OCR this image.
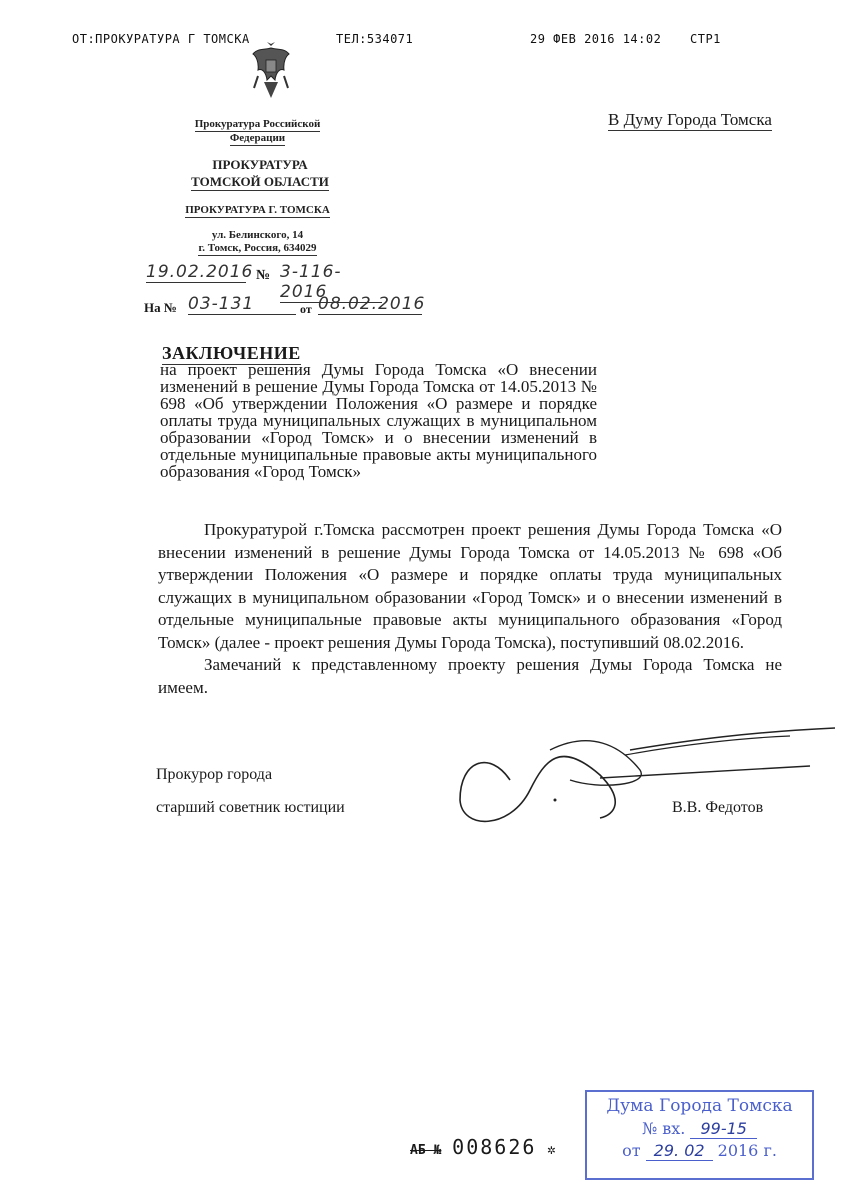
ОТ:ПРОКУРАТУРА Г ТОМСКА	ТЕЛ:534071	29 ФЕВ 2016 14:02 СТР1
Прокуратура Российской
Федерации
ПРОКУРАТУРА
ТОМСКОЙ ОБЛАСТИ
ПРОКУРАТУРА Г. ТОМСКА
ул. Белинского, 14
г. Томск, Россия, 634029
19.02.2016 № 3-116-2016
На № 03-131	от 08.02.2016
В Думу Города Томска
ЗАКЛЮЧЕНИЕ
на проект решения Думы Города Томска «О внесении изменений в решение Думы Города Томска от 14.05.2013 № 698 «Об утверждении Положения «О размере и порядке оплаты труда муниципальных служащих в муниципальном образовании «Город Томск» и о внесении изменений в отдельные муниципальные правовые акты муниципального образования «Город Томск»

Прокуратурой г.Томска рассмотрен проект решения Думы Города Томска «О внесении изменений в решение Думы Города Томска от 14.05.2013 № 698 «Об утверждении Положения «О размере и порядке оплаты труда муниципальных служащих в муниципальном образовании «Город Томск» и о внесении изменений в отдельные муниципальные правовые акты муниципального образования «Город Томск» (далее - проект решения Думы Города Томска), поступивший 08.02.2016.

Замечаний к представленному проекту решения Думы Города Томска не имеем.

Прокурор города
старший советник юстиции	В.В. Федотов
АБ № 008626 ✲
Дума Города Томска
№ вх. 99-15
от 29. 02 2016 г.
